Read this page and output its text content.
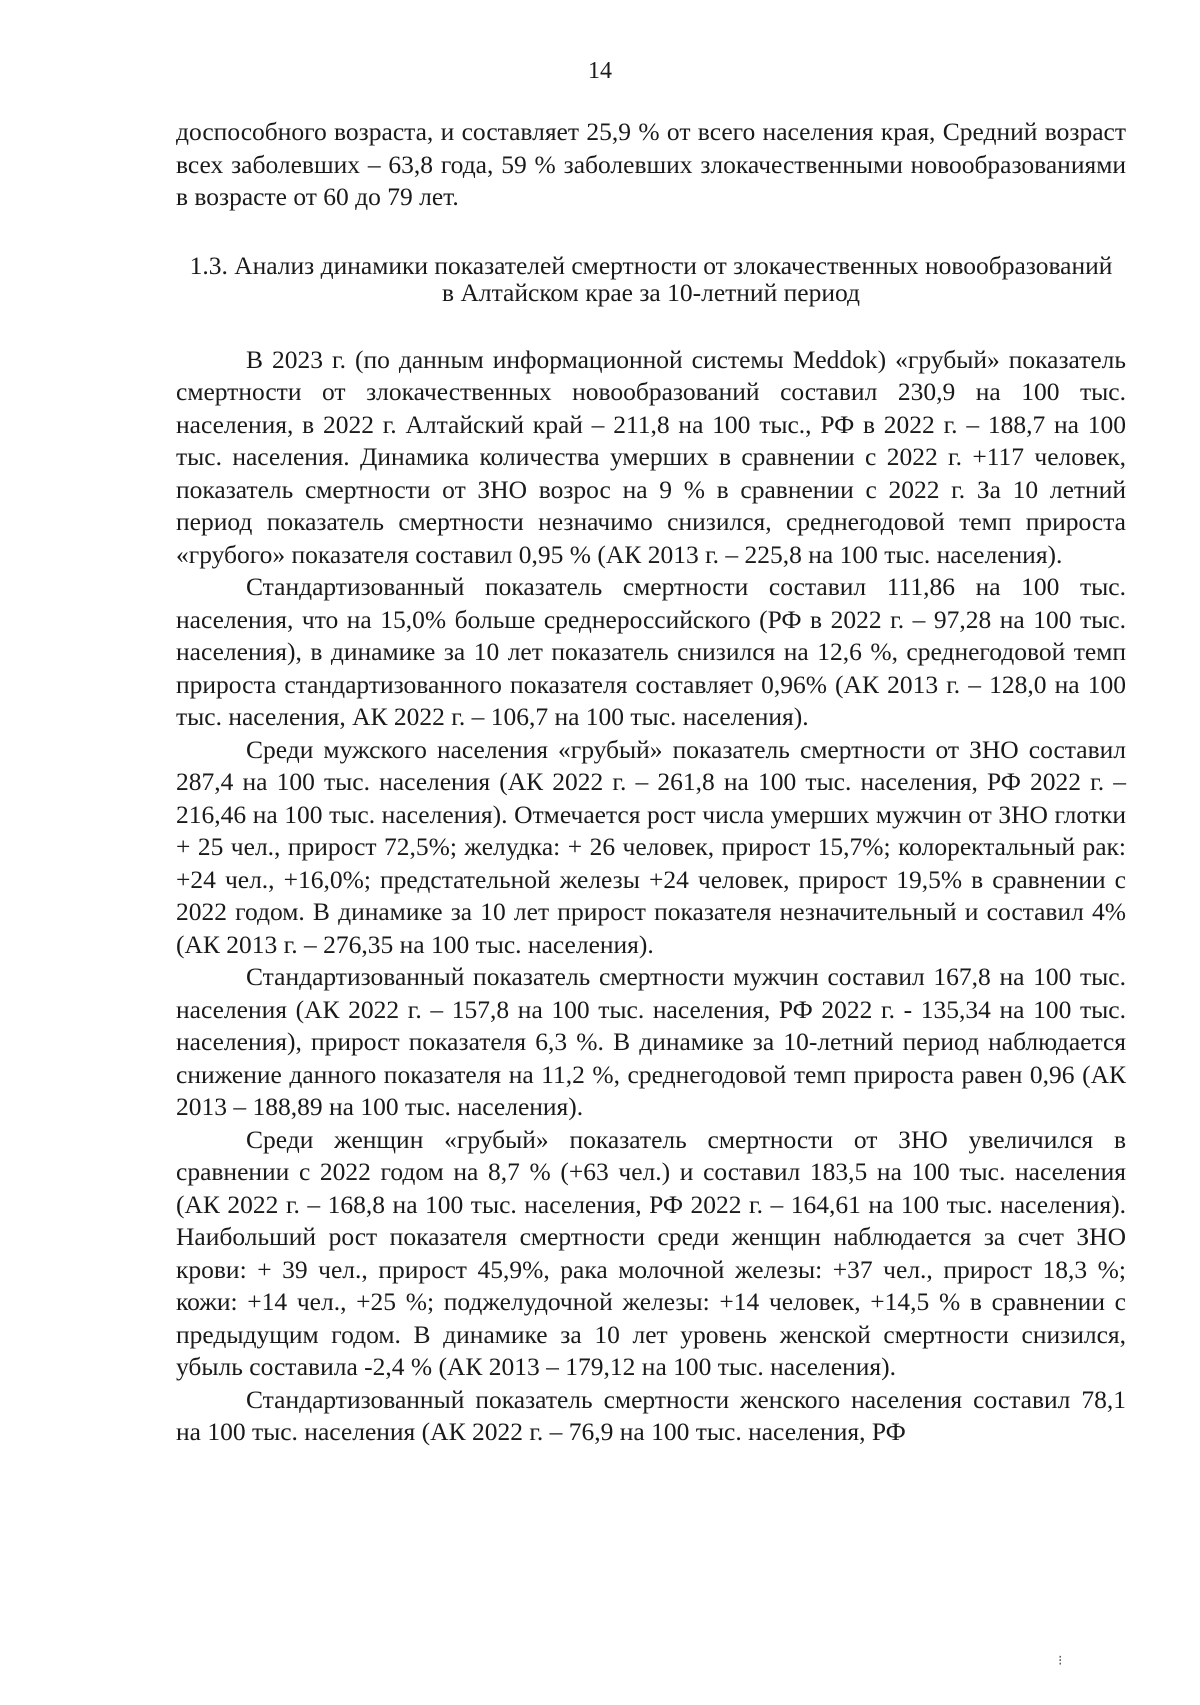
14

доспособного возраста, и составляет 25,9 % от всего населения края, Средний возраст всех заболевших – 63,8 года, 59 % заболевших злокачественными новообразованиями в возрасте от 60 до 79 лет.

1.3. Анализ динамики показателей смертности от злокачественных новообразований в Алтайском крае за 10-летний период

В 2023 г. (по данным информационной системы Meddok) «грубый» показатель смертности от злокачественных новообразований составил 230,9 на 100 тыс. населения, в 2022 г. Алтайский край – 211,8 на 100 тыс., РФ в 2022 г. – 188,7 на 100 тыс. населения. Динамика количества умерших в сравнении с 2022 г. +117 человек, показатель смертности от ЗНО возрос на 9 % в сравнении с 2022 г. За 10 летний период показатель смертности незначимо снизился, среднегодовой темп прироста «грубого» показателя составил 0,95 % (АК 2013 г. – 225,8 на 100 тыс. населения).

Стандартизованный показатель смертности составил 111,86 на 100 тыс. населения, что на 15,0% больше среднероссийского (РФ в 2022 г. – 97,28 на 100 тыс. населения), в динамике за 10 лет показатель снизился на 12,6 %, среднегодовой темп прироста стандартизованного показателя составляет 0,96% (АК 2013 г. – 128,0 на 100 тыс. населения, АК 2022 г. – 106,7 на 100 тыс. населения).

Среди мужского населения «грубый» показатель смертности от ЗНО составил 287,4 на 100 тыс. населения (АК 2022 г. – 261,8 на 100 тыс. населения, РФ 2022 г. – 216,46 на 100 тыс. населения). Отмечается рост числа умерших мужчин от ЗНО глотки + 25 чел., прирост 72,5%; желудка: + 26 человек, прирост 15,7%; колоректальный рак: +24 чел., +16,0%; предстательной железы +24 человек, прирост 19,5% в сравнении с 2022 годом. В динамике за 10 лет прирост показателя незначительный и составил 4% (АК 2013 г. – 276,35 на 100 тыс. населения).

Стандартизованный показатель смертности мужчин составил 167,8 на 100 тыс. населения (АК 2022 г. – 157,8 на 100 тыс. населения, РФ 2022 г. - 135,34 на 100 тыс. населения), прирост показателя 6,3 %. В динамике за 10-летний период наблюдается снижение данного показателя на 11,2 %, среднегодовой темп прироста равен 0,96 (АК 2013 – 188,89 на 100 тыс. населения).

Среди женщин «грубый» показатель смертности от ЗНО увеличился в сравнении с 2022 годом на 8,7 % (+63 чел.) и составил 183,5 на 100 тыс. населения (АК 2022 г. – 168,8 на 100 тыс. населения, РФ 2022 г. – 164,61 на 100 тыс. населения). Наибольший рост показателя смертности среди женщин наблюдается за счет ЗНО крови: + 39 чел., прирост 45,9%, рака молочной железы: +37 чел., прирост 18,3 %; кожи: +14 чел., +25 %; поджелудочной железы: +14 человек, +14,5 % в сравнении с предыдущим годом. В динамике за 10 лет уровень женской смертности снизился, убыль составила -2,4 % (АК 2013 – 179,12 на 100 тыс. населения).

Стандартизованный показатель смертности женского населения составил 78,1 на 100 тыс. населения (АК 2022 г. – 76,9 на 100 тыс. населения, РФ

⁝
